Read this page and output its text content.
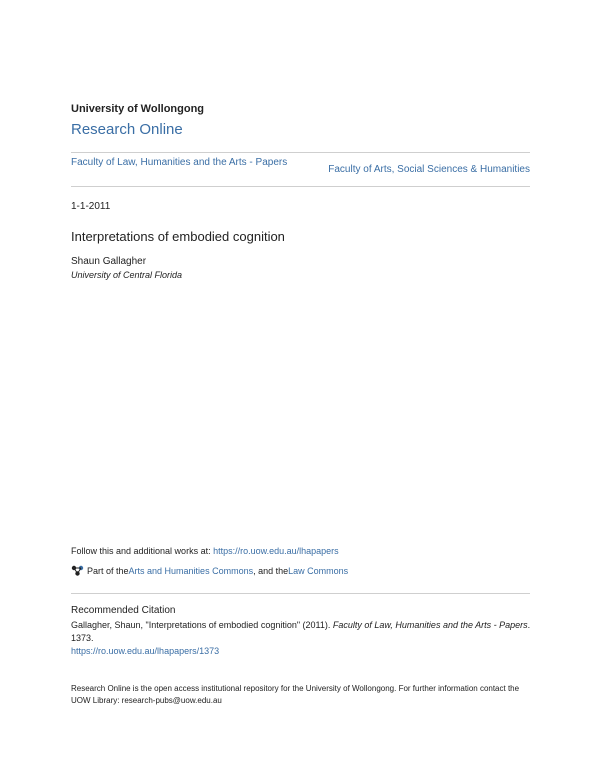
University of Wollongong
Research Online
Faculty of Law, Humanities and the Arts - Papers
Faculty of Arts, Social Sciences & Humanities
1-1-2011
Interpretations of embodied cognition
Shaun Gallagher
University of Central Florida
Follow this and additional works at: https://ro.uow.edu.au/lhapapers
Part of the Arts and Humanities Commons , and the Law Commons
Recommended Citation
Gallagher, Shaun, "Interpretations of embodied cognition" (2011). Faculty of Law, Humanities and the Arts - Papers. 1373.
https://ro.uow.edu.au/lhapapers/1373
Research Online is the open access institutional repository for the University of Wollongong. For further information contact the UOW Library: research-pubs@uow.edu.au
